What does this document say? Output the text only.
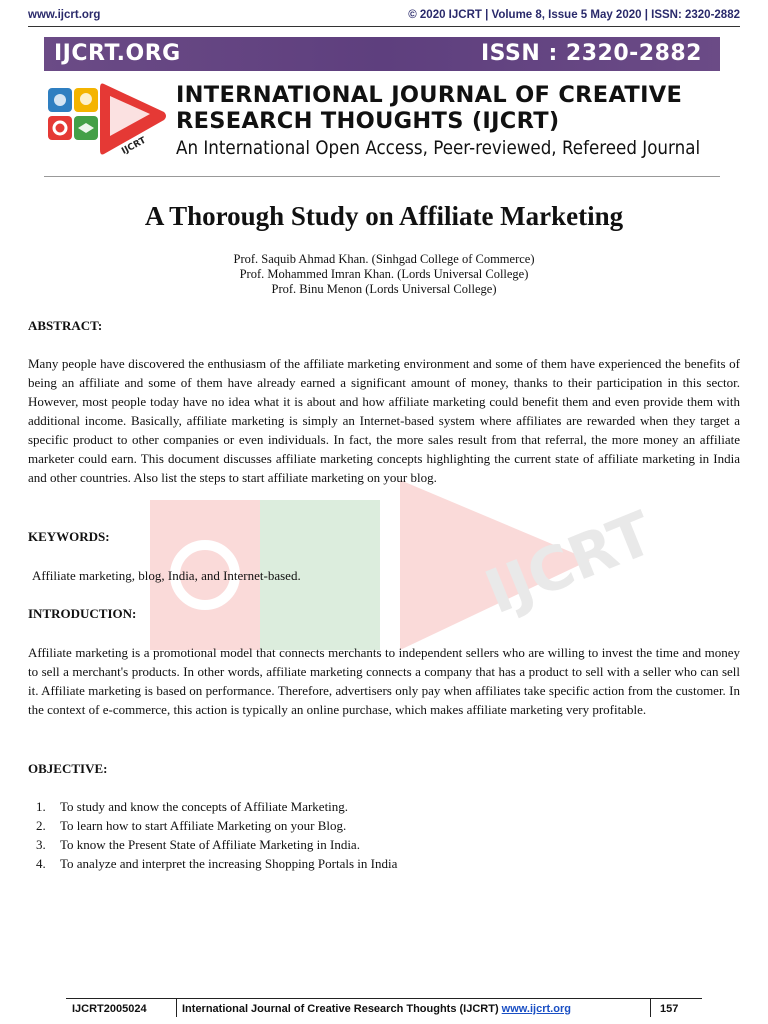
www.ijcrt.org	© 2020 IJCRT | Volume 8, Issue 5 May 2020 | ISSN: 2320-2882
IJCRT.ORG	ISSN : 2320-2882
IJCRT
INTERNATIONAL JOURNAL OF CREATIVE
RESEARCH THOUGHTS (IJCRT)
An International Open Access, Peer-reviewed, Refereed Journal
IJCRT
A Thorough Study on Affiliate Marketing
Prof. Saquib Ahmad Khan. (Sinhgad College of Commerce)
Prof. Mohammed Imran Khan. (Lords Universal College)
Prof. Binu Menon (Lords Universal College)
ABSTRACT:
Many people have discovered the enthusiasm of the affiliate marketing environment and some of them have experienced the benefits of being an affiliate and some of them have already earned a significant amount of money, thanks to their participation in this sector. However, most people today have no idea what it is about and how affiliate marketing could benefit them and even provide them with additional income. Basically, affiliate marketing is simply an Internet-based system where affiliates are rewarded when they target a specific product to other companies or even individuals. In fact, the more sales result from that referral, the more money an affiliate marketer could earn. This document discusses affiliate marketing concepts highlighting the current state of affiliate marketing in India and other countries. Also list the steps to start affiliate marketing on your blog.
KEYWORDS:
Affiliate marketing, blog, India, and Internet-based.
INTRODUCTION:
Affiliate marketing is a promotional model that connects merchants to independent sellers who are willing to invest the time and money to sell a merchant's products. In other words, affiliate marketing connects a company that has a product to sell with a seller who can sell it. Affiliate marketing is based on performance. Therefore, advertisers only pay when affiliates take specific action from the customer. In the context of e-commerce, this action is typically an online purchase, which makes affiliate marketing very profitable.
OBJECTIVE:
1. To study and know the concepts of Affiliate Marketing.
2. To learn how to start Affiliate Marketing on your Blog.
3. To know the Present State of Affiliate Marketing in India.
4. To analyze and interpret the increasing Shopping Portals in India
IJCRT2005024	International Journal of Creative Research Thoughts (IJCRT) www.ijcrt.org	157
